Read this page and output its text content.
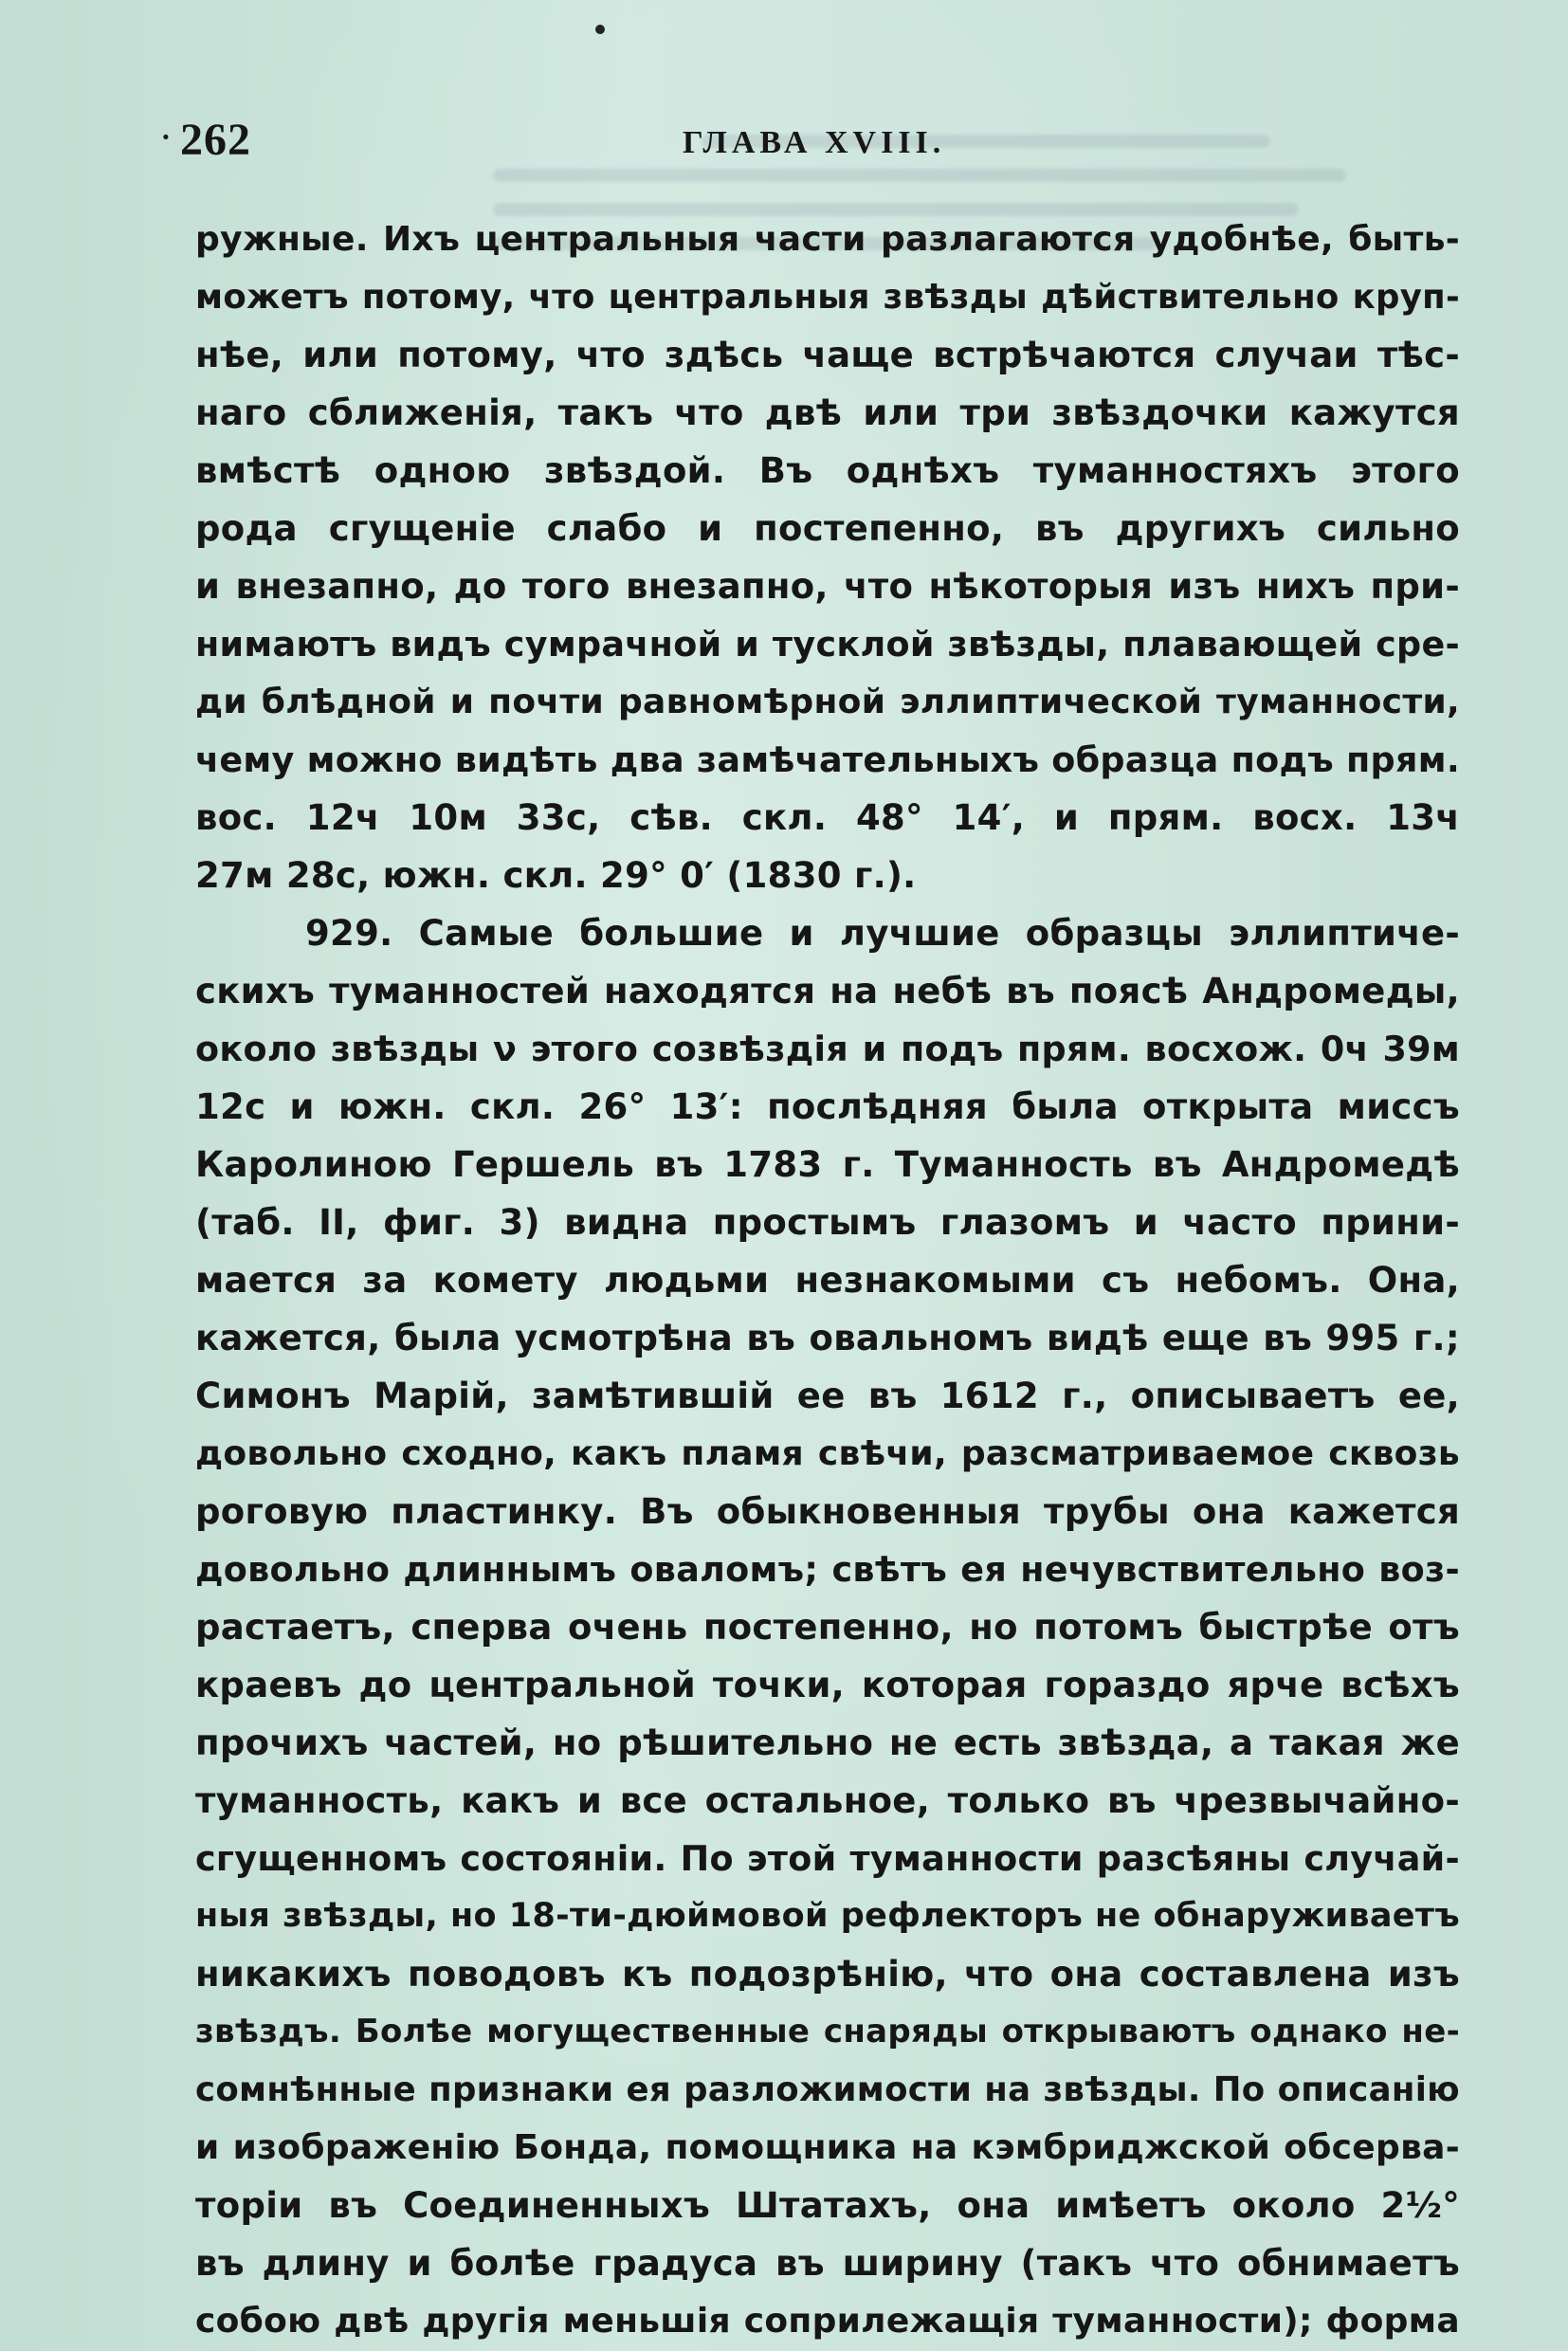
· 262	ГЛАВА XVIII.
ружные. Ихъ центральныя части разлагаются удобнѣе, быть-
можетъ потому, что центральныя звѣзды дѣйствительно круп-
нѣе, или потому, что здѣсь чаще встрѣчаются случаи тѣс-
наго сближенія, такъ что двѣ или три звѣздочки кажутся
вмѣстѣ одною звѣздой. Въ однѣхъ туманностяхъ этого
рода сгущеніе слабо и постепенно, въ другихъ сильно
и внезапно, до того внезапно, что нѣкоторыя изъ нихъ при-
нимаютъ видъ сумрачной и тусклой звѣзды, плавающей сре-
ди блѣдной и почти равномѣрной эллиптической туманности,
чему можно видѣть два замѣчательныхъ образца подъ прям.
вос. 12ч 10м 33с, сѣв. скл. 48° 14′, и прям. восх. 13ч
27м 28с, южн. скл. 29° 0′ (1830 г.).
929. Самые большие и лучшие образцы эллиптиче-
скихъ туманностей находятся на небѣ въ поясѣ Андромеды,
около звѣзды ν этого созвѣздія и подъ прям. восхож. 0ч 39м
12с и южн. скл. 26° 13′: послѣдняя была открыта миссъ
Каролиною Гершель въ 1783 г. Туманность въ Андромедѣ
(таб. II, фиг. 3) видна простымъ глазомъ и часто прини-
мается за комету людьми незнакомыми съ небомъ. Она,
кажется, была усмотрѣна въ овальномъ видѣ еще въ 995 г.;
Симонъ Марій, замѣтившій ее въ 1612 г., описываетъ ее,
довольно сходно, какъ пламя свѣчи, разсматриваемое сквозь
роговую пластинку. Въ обыкновенныя трубы она кажется
довольно длиннымъ оваломъ; свѣтъ ея нечувствительно воз-
растаетъ, сперва очень постепенно, но потомъ быстрѣе отъ
краевъ до центральной точки, которая гораздо ярче всѣхъ
прочихъ частей, но рѣшительно не есть звѣзда, а такая же
туманность, какъ и все остальное, только въ чрезвычайно-
сгущенномъ состояніи. По этой туманности разсѣяны случай-
ныя звѣзды, но 18-ти-дюймовой рефлекторъ не обнаруживаетъ
никакихъ поводовъ къ подозрѣнію, что она составлена изъ
звѣздъ. Болѣе могущественные снаряды открываютъ однако не-
сомнѣнные признаки ея разложимости на звѣзды. По описанію
и изображенію Бонда, помощника на кэмбриджской обсерва-
торіи въ Соединенныхъ Штатахъ, она имѣетъ около 2½°
въ длину и болѣе градуса въ ширину (такъ что обнимаетъ
собою двѣ другія меньшія соприлежащія туманности); форма
